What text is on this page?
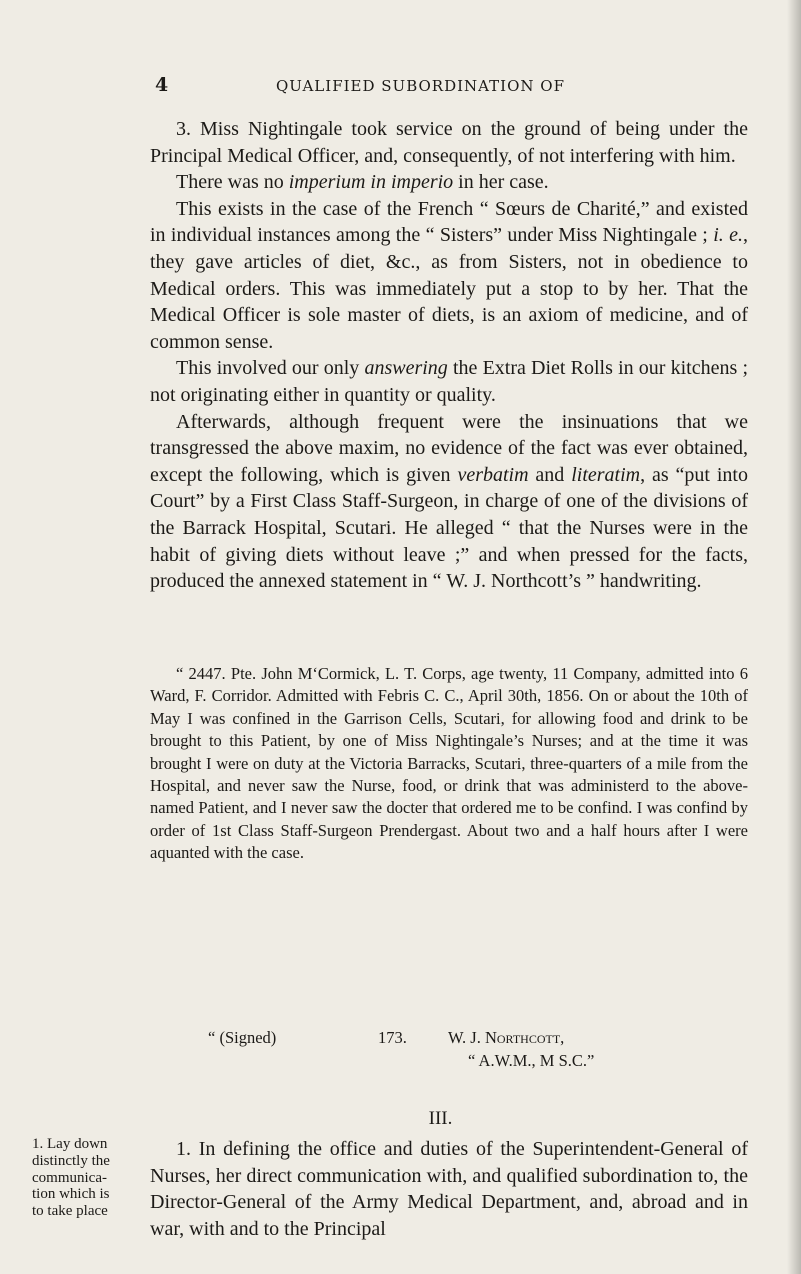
4	QUALIFIED SUBORDINATION OF

3. Miss Nightingale took service on the ground of being under the Principal Medical Officer, and, consequently, of not interfering with him.

There was no imperium in imperio in her case.

This exists in the case of the French “ Sœurs de Charité,” and existed in individual instances among the “ Sisters” under Miss Nightingale ; i. e., they gave articles of diet, &c., as from Sisters, not in obedience to Medical orders. This was immediately put a stop to by her. That the Medical Officer is sole master of diets, is an axiom of medicine, and of common sense.

This involved our only answering the Extra Diet Rolls in our kitchens ; not originating either in quantity or quality.

Afterwards, although frequent were the insinuations that we transgressed the above maxim, no evidence of the fact was ever obtained, except the following, which is given verbatim and literatim, as “put into Court” by a First Class Staff-Surgeon, in charge of one of the divisions of the Barrack Hospital, Scutari. He alleged “ that the Nurses were in the habit of giving diets without leave ;” and when pressed for the facts, produced the annexed statement in “ W. J. Northcott’s ” handwriting.

“ 2447. Pte. John M‘Cormick, L. T. Corps, age twenty, 11 Company, admitted into 6 Ward, F. Corridor. Admitted with Febris C. C., April 30th, 1856. On or about the 10th of May I was confined in the Garrison Cells, Scutari, for allowing food and drink to be brought to this Patient, by one of Miss Nightingale’s Nurses; and at the time it was brought I were on duty at the Victoria Barracks, Scutari, three-quarters of a mile from the Hospital, and never saw the Nurse, food, or drink that was administerd to the above-named Patient, and I never saw the docter that ordered me to be confind. I was confind by order of 1st Class Staff-Surgeon Prendergast. About two and a half hours after I were aquanted with the case.

“ (Signed)	173. W. J. Northcott,
“ A.W.M., M S.C.”
III.

1. In defining the office and duties of the Superintendent-General of Nurses, her direct communication with, and qualified subordination to, the Director-General of the Army Medical Department, and, abroad and in war, with and to the Principal

1. Lay down
distinctly the
communica-
tion which is
to take place
